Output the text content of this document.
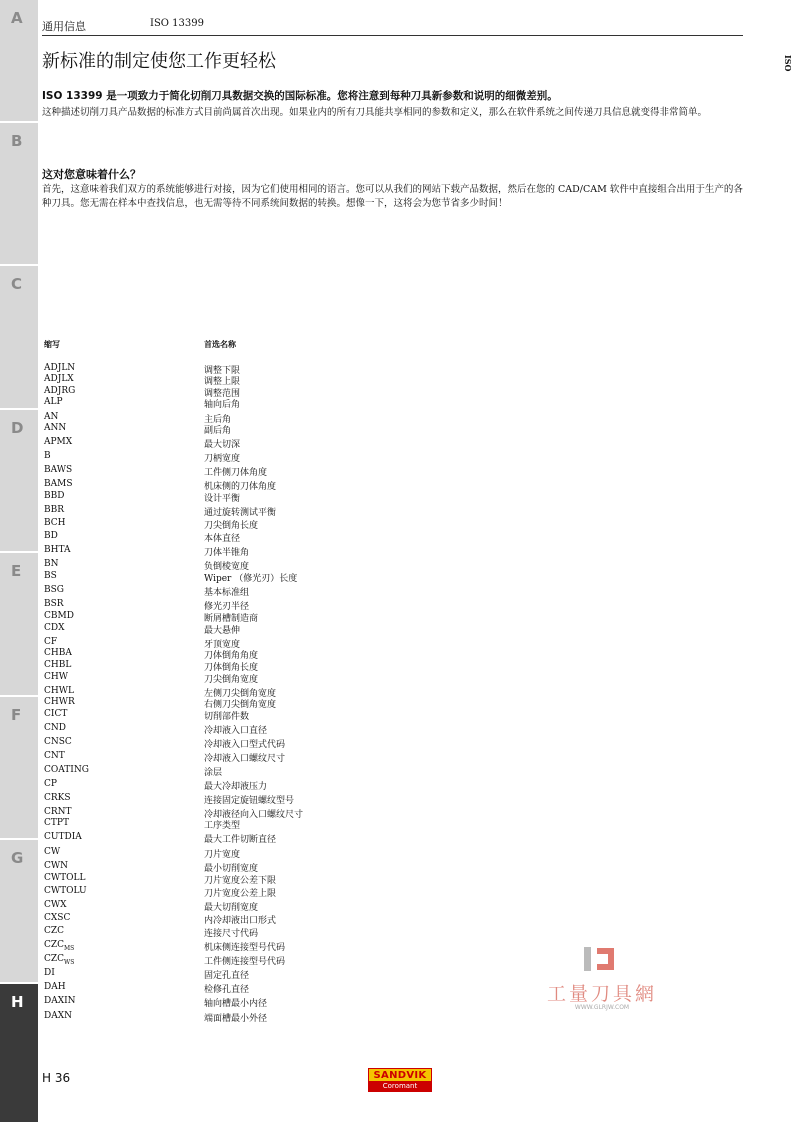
A
B
C
D
E
F
G
H
通用信息	ISO 13399
ISO
新标准的制定使您工作更轻松
ISO 13399 是一项致力于简化切削刀具数据交换的国际标准。您将注意到每种刀具新参数和说明的细微差别。
这种描述切削刀具产品数据的标准方式目前尚属首次出现。如果业内的所有刀具能共享相同的参数和定义，那么在软件系统之间传递刀具信息就变得非常简单。
这对您意味着什么？
首先，这意味着我们双方的系统能够进行对接，因为它们使用相同的语言。您可以从我们的网站下载产品数据，然后在您的 CAD/CAM 软件中直接组合出用于生产的各种刀具。您无需在样本中查找信息，也无需等待不同系统间数据的转换。想像一下，这将会为您节省多少时间！
缩写	首选名称
ADJLN	调整下限
ADJLX	调整上限
ADJRG	调整范围
ALP	轴向后角
AN	主后角
ANN	副后角
APMX	最大切深
B	刀柄宽度
BAWS	工件侧刀体角度
BAMS	机床侧的刀体角度
BBD	设计平衡
BBR	通过旋转测试平衡
BCH	刀尖倒角长度
BD	本体直径
BHTA	刀体半锥角
BN	负倒棱宽度
BS	Wiper （修光刃）长度
BSG	基本标准组
BSR	修光刃半径
CBMD	断屑槽制造商
CDX	最大悬伸
CF	牙顶宽度
CHBA	刀体倒角角度
CHBL	刀体倒角长度
CHW	刀尖倒角宽度
CHWL	左侧刀尖倒角宽度
CHWR	右侧刀尖倒角宽度
CICT	切削部件数
CND	冷却液入口直径
CNSC	冷却液入口型式代码
CNT	冷却液入口螺纹尺寸
COATING	涂层
CP	最大冷却液压力
CRKS	连接固定旋钮螺纹型号
CRNT	冷却液径向入口螺纹尺寸
CTPT	工序类型
CUTDIA	最大工件切断直径
CW	刀片宽度
CWN	最小切削宽度
CWTOLL	刀片宽度公差下限
CWTOLU	刀片宽度公差上限
CWX	最大切削宽度
CXSC	内冷却液出口形式
CZC	连接尺寸代码
$CZC_{MS}$	机床侧连接型号代码
$CZC_{WS}$	工件侧连接型号代码
DI	固定孔直径
DAH	检修孔直径
DAXIN	轴向槽最小内径
DAXN	端面槽最小外径
H 36	SANDVIK
Coromant
工量刀具網
WWW.GLRJW.COM
